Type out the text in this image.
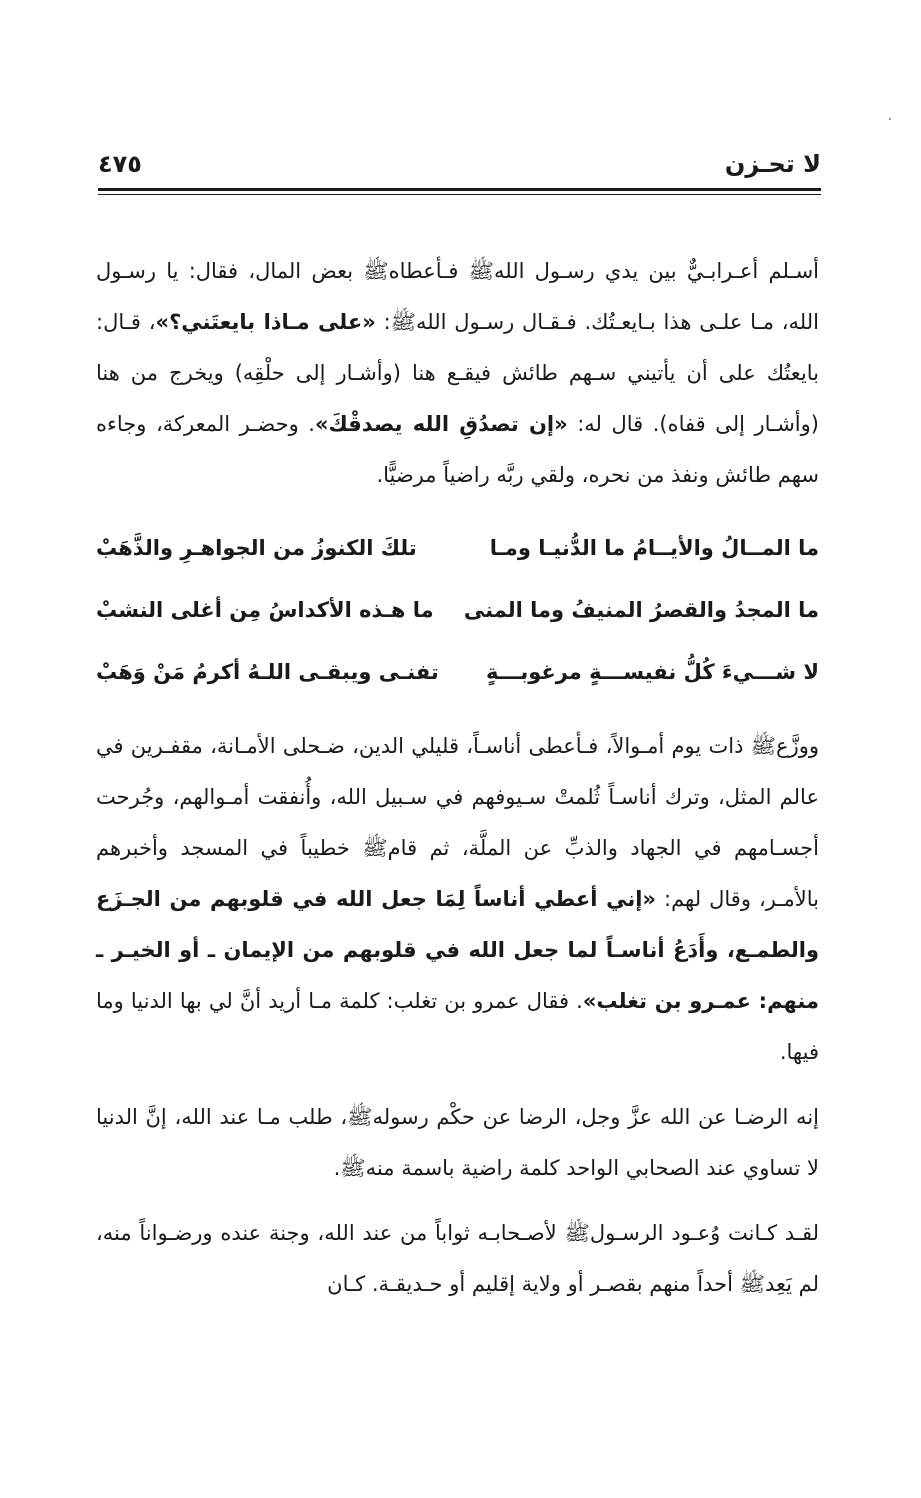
لا تحـزن
٤٧٥

أسـلم أعـرابـيٌّ بين يدي رسـول اللهﷺ فـأعطاهﷺ بعض المال، فقال: يا رسـول الله، مـا علـى هذا بـايعـتُك. فـقـال رسـول اللهﷺ: «على مـاذا بايعتَني؟»، قـال: بايعتُك على أن يأتيني سـهم طائش فيقـع هنا (وأشـار إلى حلْقِه) ويخرج من هنا (وأشـار إلى قفاه). قال له: «إن تصدُقِ الله يصدقْكَ». وحضـر المعركة، وجاءه سهم طائش ونفذ من نحره، ولقي ربَّه راضياً مرضيًّا.

ما المــالُ والأيــامُ ما الدُّنيـا ومـا
تلكَ الكنوزُ من الجواهـرِ والذَّهَبْ
ما المجدُ والقصرُ المنيفُ وما المنى
ما هـذه الأكداسُ مِن أغلى النشبْ
لا شـــيءَ كُلُّ نفيســـةٍ مرغوبـــةٍ
تفنـى ويبقـى اللـهُ أكرمُ مَنْ وَهَبْ

ووزَّعﷺ ذات يوم أمـوالاً، فـأعطى أناسـاً، قليلي الدين، ضـحلى الأمـانة، مقفـرين في عالم المثل، وترك أناسـاً ثُلمتْ سـيوفهم في سـبيل الله، وأُنفقت أمـوالهم، وجُرحت أجسـامهم في الجهاد والذبِّ عن الملَّة، ثم قامﷺ خطيباً في المسجد وأخبرهم بالأمـر، وقال لهم: «إني أعطي أناساً لِمَا جعل الله في قلوبهم من الجـزَع والطمـع، وأَدَعُ أناسـاً لما جعل الله في قلوبهم من الإيمان ـ أو الخيـر ـ منهم: عمـرو بن تغلب». فقال عمرو بن تغلب: كلمة مـا أريد أنَّ لي بها الدنيا وما فيها.

إنه الرضـا عن الله عزَّ وجل، الرضا عن حكْم رسولهﷺ، طلب مـا عند الله، إنَّ الدنيا لا تساوي عند الصحابي الواحد كلمة راضية باسمة منهﷺ.

لقـد كـانت وُعـود الرسـولﷺ لأصـحابـه ثواباً من عند الله، وجنة عنده ورضـواناً منه، لم يَعِدﷺ أحداً منهم بقصـر أو ولاية إقليم أو حـديقـة. كـان
